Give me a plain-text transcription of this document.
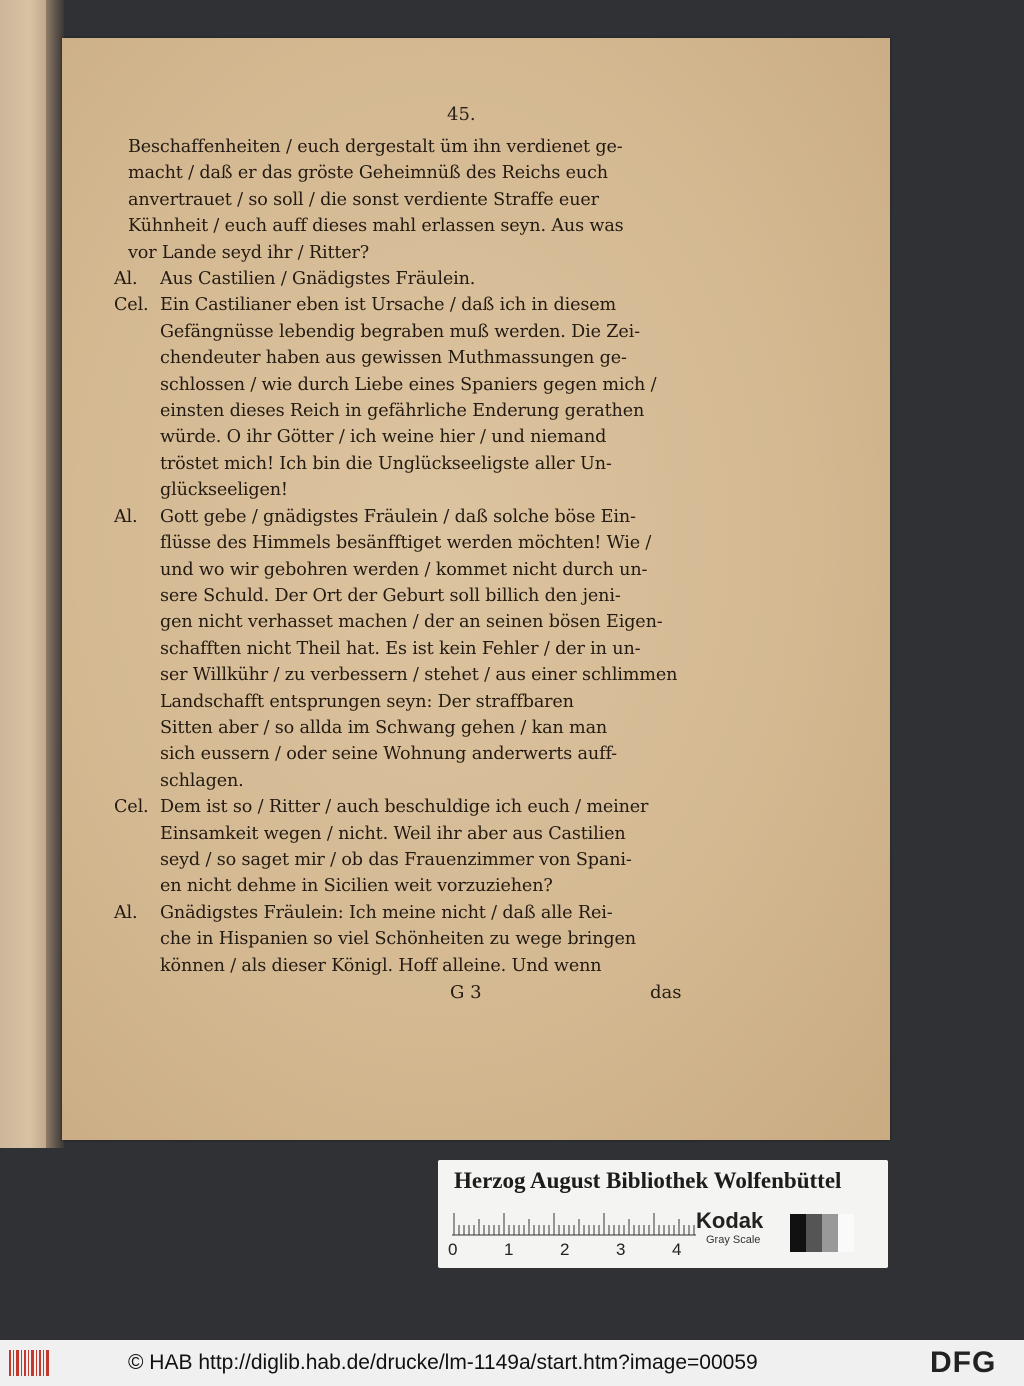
45.
Beschaffenheiten / euch dergestalt üm ihn verdienet ge-
macht / daß er das gröste Geheimnüß des Reichs euch
anvertrauet / so soll / die sonst verdiente Straffe euer
Kühnheit / euch auff dieses mahl erlassen seyn. Aus was
vor Lande seyd ihr / Ritter?
Al. Aus Castilien / Gnädigstes Fräulein.
Cel. Ein Castilianer eben ist Ursache / daß ich in diesem
Gefängnüsse lebendig begraben muß werden. Die Zei-
chendeuter haben aus gewissen Muthmassungen ge-
schlossen / wie durch Liebe eines Spaniers gegen mich /
einsten dieses Reich in gefährliche Enderung gerathen
würde. O ihr Götter / ich weine hier / und niemand
tröstet mich! Ich bin die Unglückseeligste aller Un-
glückseeligen!
Al. Gott gebe / gnädigstes Fräulein / daß solche böse Ein-
flüsse des Himmels besänfftiget werden möchten! Wie /
und wo wir gebohren werden / kommet nicht durch un-
sere Schuld. Der Ort der Geburt soll billich den jeni-
gen nicht verhasset machen / der an seinen bösen Eigen-
schafften nicht Theil hat. Es ist kein Fehler / der in un-
ser Willkühr / zu verbessern / stehet / aus einer schlimmen
Landschafft entsprungen seyn: Der straffbaren
Sitten aber / so allda im Schwang gehen / kan man
sich eussern / oder seine Wohnung anderwerts auff-
schlagen.
Cel. Dem ist so / Ritter / auch beschuldige ich euch / meiner
Einsamkeit wegen / nicht. Weil ihr aber aus Castilien
seyd / so saget mir / ob das Frauenzimmer von Spani-
en nicht dehme in Sicilien weit vorzuziehen?
Al. Gnädigstes Fräulein: Ich meine nicht / daß alle Rei-
che in Hispanien so viel Schönheiten zu wege bringen
können / als dieser Königl. Hoff alleine. Und wenn
G 3	das
Herzog August Bibliothek Wolfenbüttel
0	1	2	3	4
Kodak
Gray Scale
© HAB http://diglib.hab.de/drucke/lm-1149a/start.htm?image=00059	DFG
